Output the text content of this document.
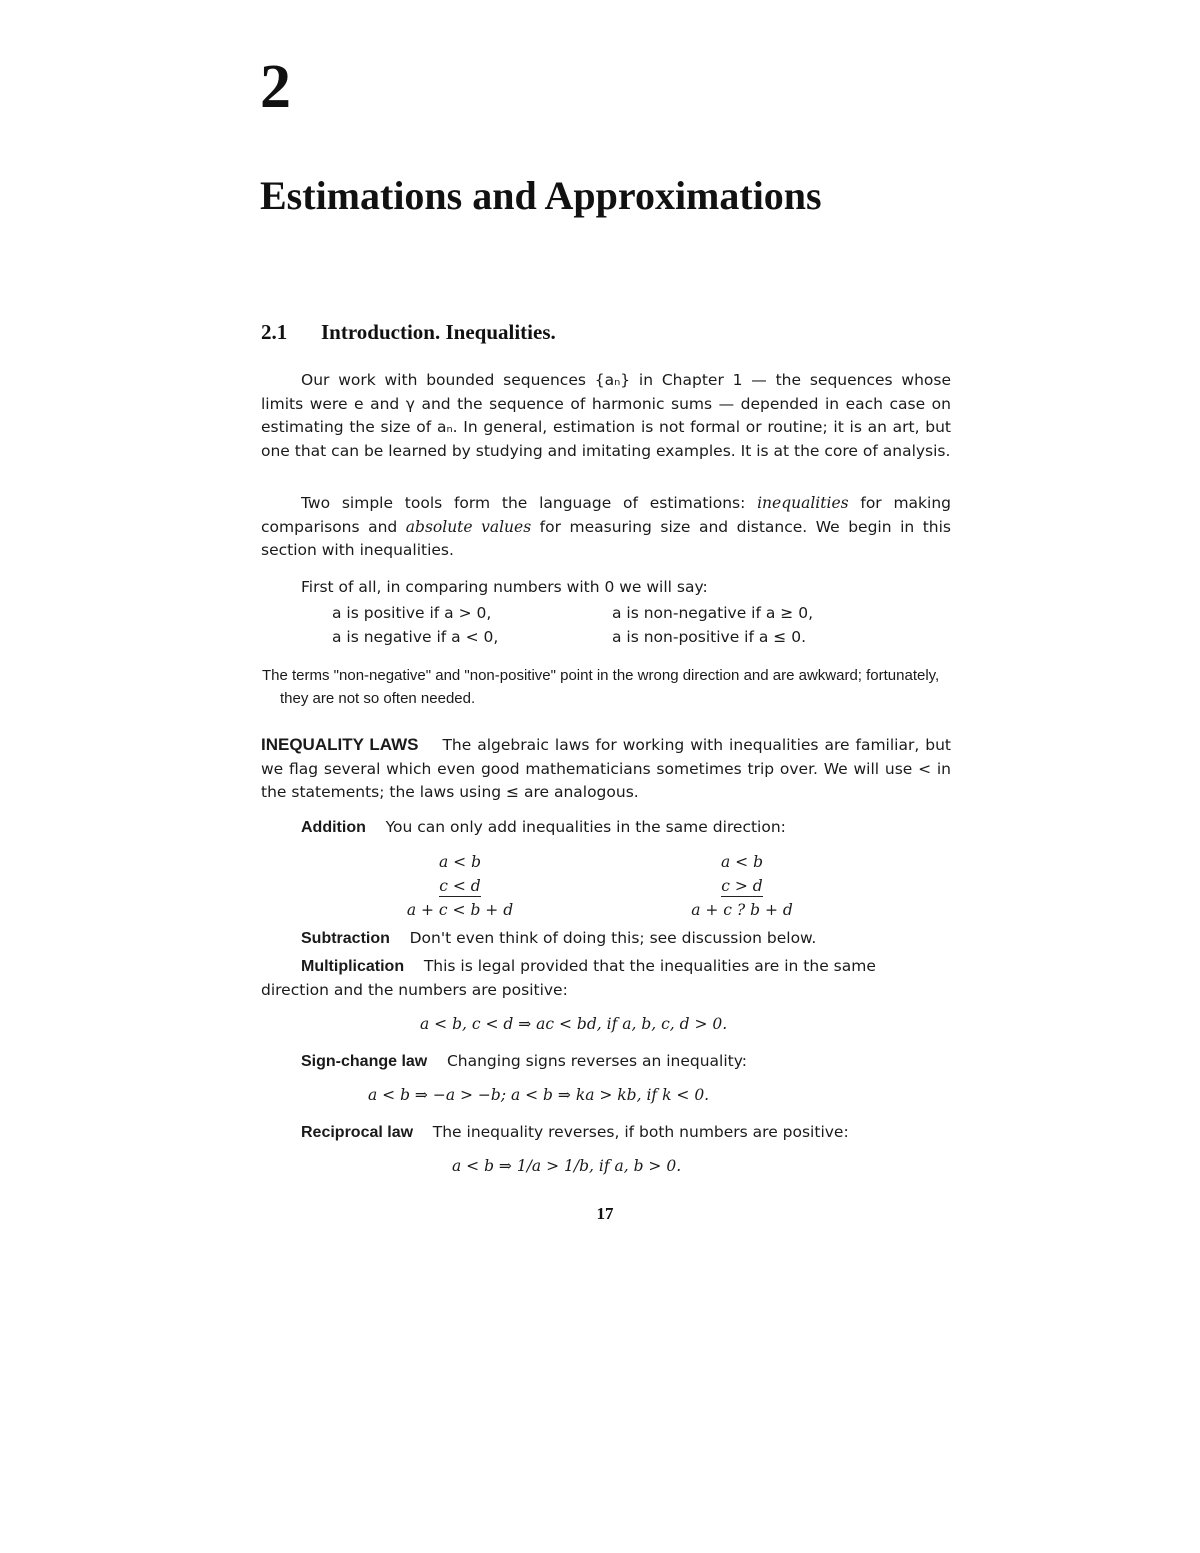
2
Estimations and Approximations
2.1 Introduction. Inequalities.

Our work with bounded sequences {aₙ} in Chapter 1 — the sequences whose limits were e and γ and the sequence of harmonic sums — depended in each case on estimating the size of aₙ. In general, estimation is not formal or routine; it is an art, but one that can be learned by studying and imitating examples. It is at the core of analysis.

Two simple tools form the language of estimations: inequalities for making comparisons and absolute values for measuring size and distance. We begin in this section with inequalities.

First of all, in comparing numbers with 0 we will say:

a is positive if a > 0,	a is non-negative if a ≥ 0,
a is negative if a < 0,	a is non-positive if a ≤ 0.

The terms "non-negative" and "non-positive" point in the wrong direction and are awkward; fortunately, they are not so often needed.

INEQUALITY LAWS The algebraic laws for working with inequalities are familiar, but we flag several which even good mathematicians sometimes trip over. We will use < in the statements; the laws using ≤ are analogous.

Addition You can only add inequalities in the same direction:

a < b
c < d
a + c < b + d
a < b
c > d
a + c ? b + d

Subtraction Don't even think of doing this; see discussion below.

Multiplication This is legal provided that the inequalities are in the same

direction and the numbers are positive:

a < b, c < d ⇒ ac < bd, if a, b, c, d > 0.

Sign-change law Changing signs reverses an inequality:

a < b ⇒ −a > −b; a < b ⇒ ka > kb, if k < 0.

Reciprocal law The inequality reverses, if both numbers are positive:

a < b ⇒ 1/a > 1/b, if a, b > 0.
17
